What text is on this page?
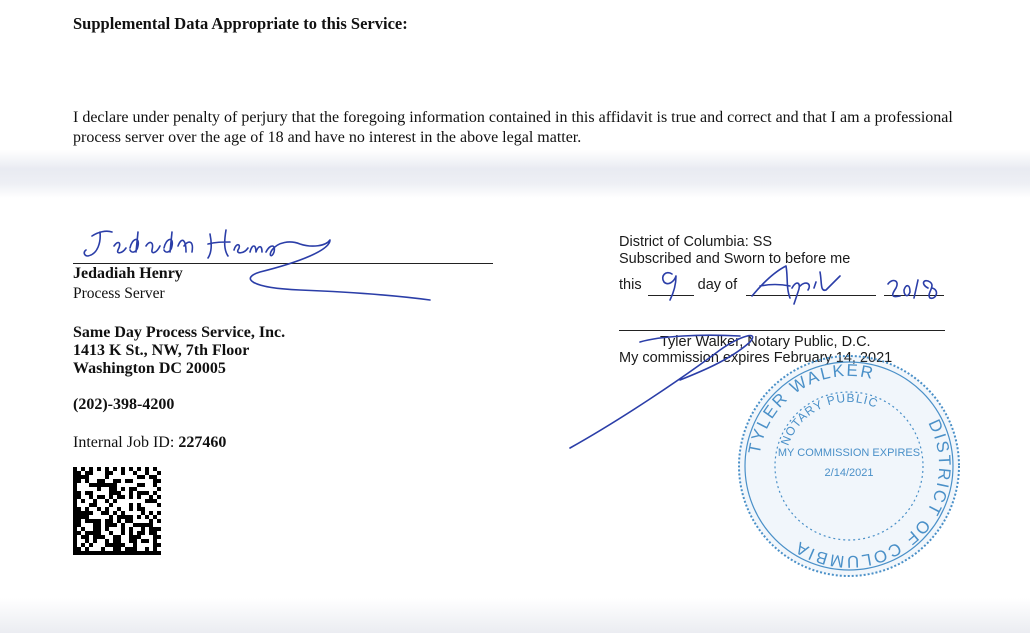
Supplemental Data Appropriate to this Service:
I declare under penalty of perjury that the foregoing information contained in this affidavit is true and correct and that I am a professional process server over the age of 18 and have no interest in the above legal matter.
Jedadiah Henry
Process Server
Same Day Process Service, Inc.
1413 K St., NW, 7th Floor
Washington DC 20005
(202)-398-4200
Internal Job ID: 227460
District of Columbia: SS
Subscribed and Sworn to before me
this	day of
Tyler Walker, Notary Public, D.C.
My commission expires February 14, 2021
TYLER WALKER
DISTRICT OF COLUMBIA
NOTARY PUBLIC
MY COMMISSION EXPIRES
2/14/2021
